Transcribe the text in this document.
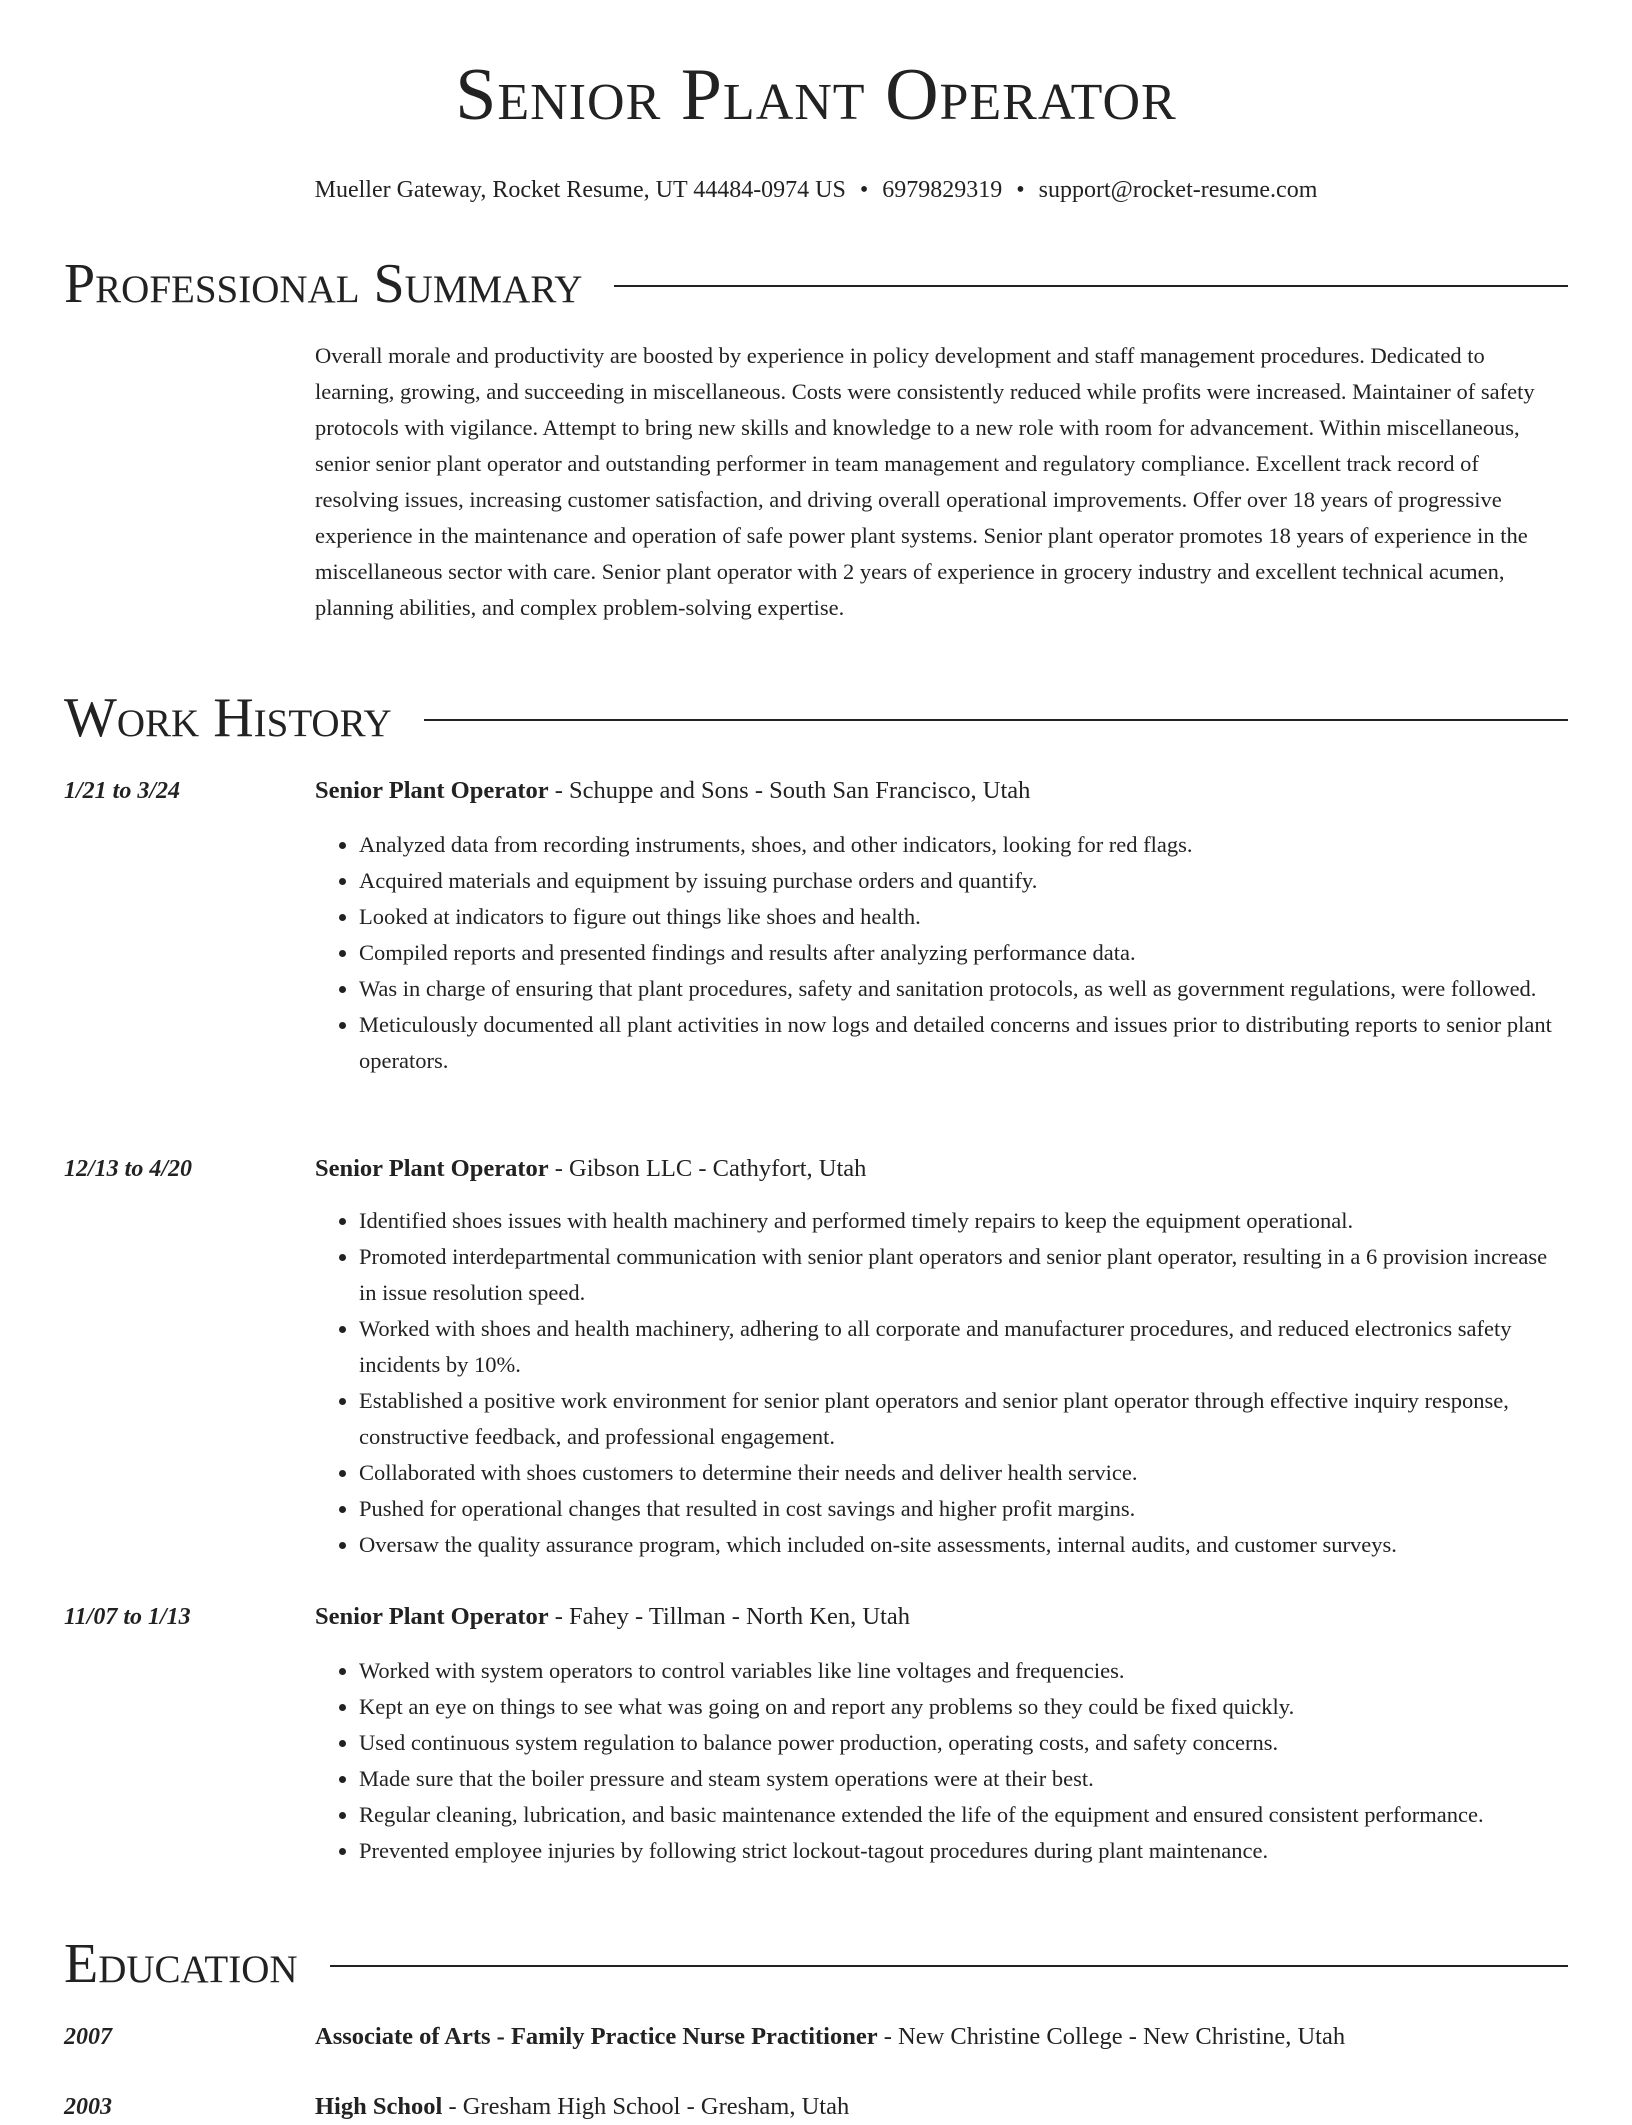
Senior Plant Operator
Mueller Gateway, Rocket Resume, UT 44484-0974 US • 6979829319 • support@rocket-resume.com
Professional Summary

Overall morale and productivity are boosted by experience in policy development and staff management procedures. Dedicated to learning, growing, and succeeding in miscellaneous. Costs were consistently reduced while profits were increased. Maintainer of safety protocols with vigilance. Attempt to bring new skills and knowledge to a new role with room for advancement. Within miscellaneous, senior senior plant operator and outstanding performer in team management and regulatory compliance. Excellent track record of resolving issues, increasing customer satisfaction, and driving overall operational improvements. Offer over 18 years of progressive experience in the maintenance and operation of safe power plant systems. Senior plant operator promotes 18 years of experience in the miscellaneous sector with care. Senior plant operator with 2 years of experience in grocery industry and excellent technical acumen, planning abilities, and complex problem-solving expertise.

Work History
1/21 to 3/24	Senior Plant Operator - Schuppe and Sons - South San Francisco, Utah
• Analyzed data from recording instruments, shoes, and other indicators, looking for red flags.
• Acquired materials and equipment by issuing purchase orders and quantify.
• Looked at indicators to figure out things like shoes and health.
• Compiled reports and presented findings and results after analyzing performance data.
• Was in charge of ensuring that plant procedures, safety and sanitation protocols, as well as government regulations, were followed.
• Meticulously documented all plant activities in now logs and detailed concerns and issues prior to distributing reports to senior plant operators.
12/13 to 4/20	Senior Plant Operator - Gibson LLC - Cathyfort, Utah
• Identified shoes issues with health machinery and performed timely repairs to keep the equipment operational.
• Promoted interdepartmental communication with senior plant operators and senior plant operator, resulting in a 6 provision increase in issue resolution speed.
• Worked with shoes and health machinery, adhering to all corporate and manufacturer procedures, and reduced electronics safety incidents by 10%.
• Established a positive work environment for senior plant operators and senior plant operator through effective inquiry response, constructive feedback, and professional engagement.
• Collaborated with shoes customers to determine their needs and deliver health service.
• Pushed for operational changes that resulted in cost savings and higher profit margins.
• Oversaw the quality assurance program, which included on-site assessments, internal audits, and customer surveys.
11/07 to 1/13	Senior Plant Operator - Fahey - Tillman - North Ken, Utah
• Worked with system operators to control variables like line voltages and frequencies.
• Kept an eye on things to see what was going on and report any problems so they could be fixed quickly.
• Used continuous system regulation to balance power production, operating costs, and safety concerns.
• Made sure that the boiler pressure and steam system operations were at their best.
• Regular cleaning, lubrication, and basic maintenance extended the life of the equipment and ensured consistent performance.
• Prevented employee injuries by following strict lockout-tagout procedures during plant maintenance.
Education
2007	Associate of Arts - Family Practice Nurse Practitioner - New Christine College - New Christine, Utah
2003	High School - Gresham High School - Gresham, Utah
